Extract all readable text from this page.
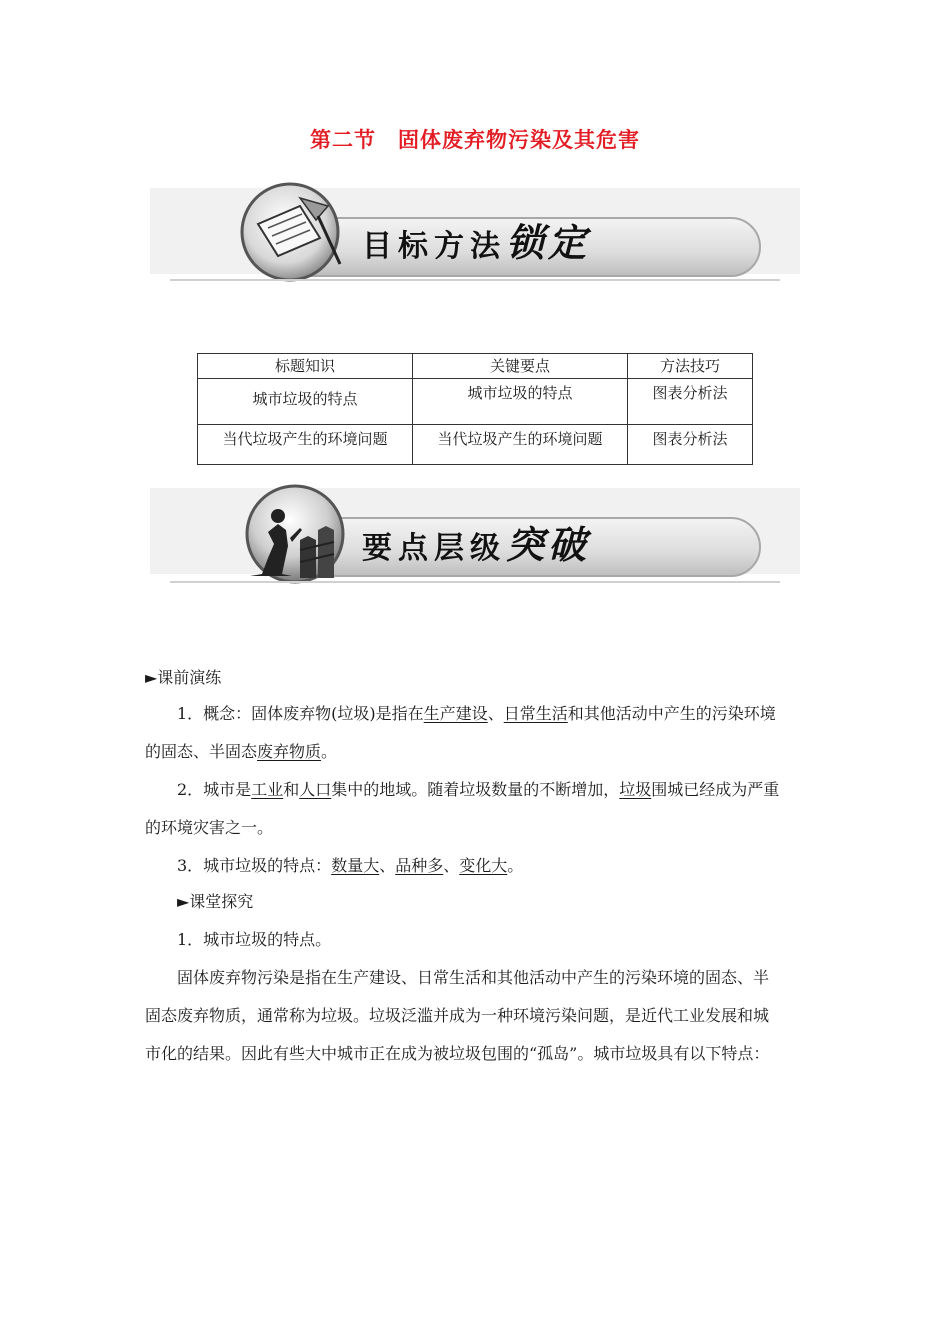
第二节 固体废弃物污染及其危害
目标方法锁定
标题知识	关键要点	方法技巧
城市垃圾的特点	城市垃圾的特点	图表分析法
当代垃圾产生的环境问题	当代垃圾产生的环境问题	图表分析法
要点层级突破
►课前演练
1．概念：固体废弃物(垃圾)是指在生产建设、日常生活和其他活动中产生的污染环境
的固态、半固态废弃物质。
2．城市是工业和人口集中的地域。随着垃圾数量的不断增加，垃圾围城已经成为严重
的环境灾害之一。
3．城市垃圾的特点：数量大、品种多、变化大。
►课堂探究
1．城市垃圾的特点。
固体废弃物污染是指在生产建设、日常生活和其他活动中产生的污染环境的固态、半
固态废弃物质，通常称为垃圾。垃圾泛滥并成为一种环境污染问题，是近代工业发展和城
市化的结果。因此有些大中城市正在成为被垃圾包围的“孤岛”。城市垃圾具有以下特点：
